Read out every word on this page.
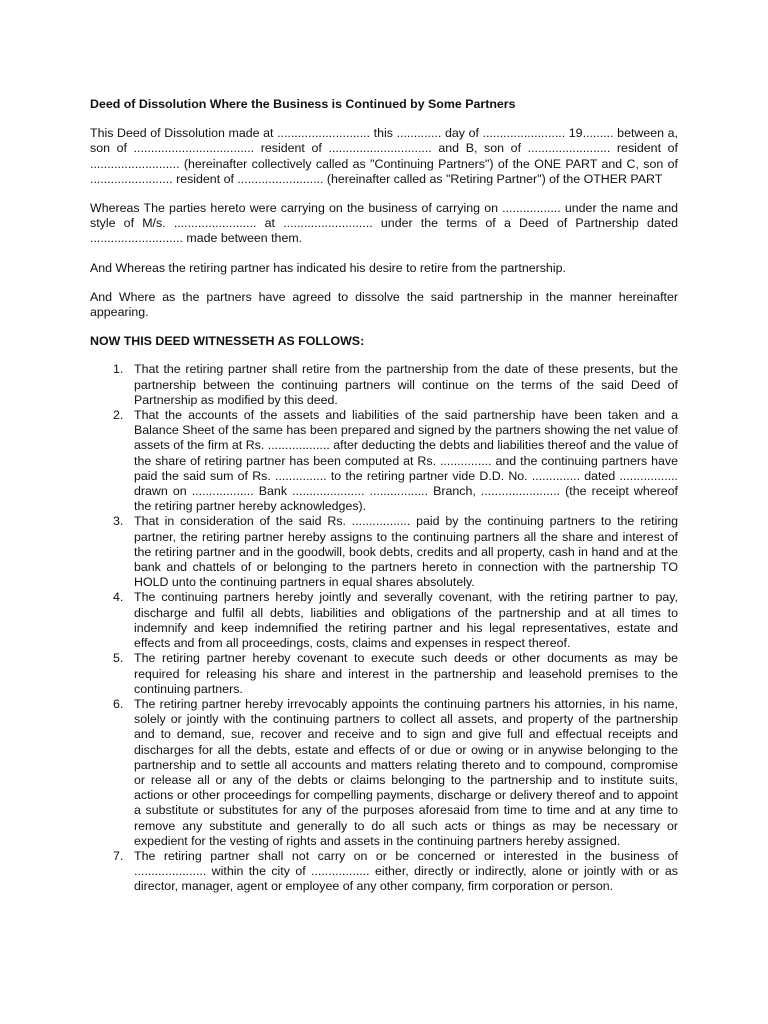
Deed of Dissolution Where the Business is Continued by Some Partners

This Deed of Dissolution made at ........................... this ............. day of ........................ 19......... between a, son of ................................... resident of .............................. and B, son of ........................ resident of .......................... (hereinafter collectively called as "Continuing Partners") of the ONE PART and C, son of ........................ resident of ......................... (hereinafter called as "Retiring Partner") of the OTHER PART

Whereas The parties hereto were carrying on the business of carrying on ................. under the name and style of M/s. ........................ at .......................... under the terms of a Deed of Partnership dated ........................... made between them.

And Whereas the retiring partner has indicated his desire to retire from the partnership.

And Where as the partners have agreed to dissolve the said partnership in the manner hereinafter appearing.

NOW THIS DEED WITNESSETH AS FOLLOWS:
1. That the retiring partner shall retire from the partnership from the date of these presents, but the partnership between the continuing partners will continue on the terms of the said Deed of Partnership as modified by this deed.
2. That the accounts of the assets and liabilities of the said partnership have been taken and a Balance Sheet of the same has been prepared and signed by the partners showing the net value of assets of the firm at Rs. .................. after deducting the debts and liabilities thereof and the value of the share of retiring partner has been computed at Rs. ............... and the continuing partners have paid the said sum of Rs. ............... to the retiring partner vide D.D. No. .............. dated ................. drawn on .................. Bank ..................... ................. Branch, ....................... (the receipt whereof the retiring partner hereby acknowledges).
3. That in consideration of the said Rs. ................. paid by the continuing partners to the retiring partner, the retiring partner hereby assigns to the continuing partners all the share and interest of the retiring partner and in the goodwill, book debts, credits and all property, cash in hand and at the bank and chattels of or belonging to the partners hereto in connection with the partnership TO HOLD unto the continuing partners in equal shares absolutely.
4. The continuing partners hereby jointly and severally covenant, with the retiring partner to pay, discharge and fulfil all debts, liabilities and obligations of the partnership and at all times to indemnify and keep indemnified the retiring partner and his legal representatives, estate and effects and from all proceedings, costs, claims and expenses in respect thereof.
5. The retiring partner hereby covenant to execute such deeds or other documents as may be required for releasing his share and interest in the partnership and leasehold premises to the continuing partners.
6. The retiring partner hereby irrevocably appoints the continuing partners his attornies, in his name, solely or jointly with the continuing partners to collect all assets, and property of the partnership and to demand, sue, recover and receive and to sign and give full and effectual receipts and discharges for all the debts, estate and effects of or due or owing or in anywise belonging to the partnership and to settle all accounts and matters relating thereto and to compound, compromise or release all or any of the debts or claims belonging to the partnership and to institute suits, actions or other proceedings for compelling payments, discharge or delivery thereof and to appoint a substitute or substitutes for any of the purposes aforesaid from time to time and at any time to remove any substitute and generally to do all such acts or things as may be necessary or expedient for the vesting of rights and assets in the continuing partners hereby assigned.
7. The retiring partner shall not carry on or be concerned or interested in the business of ..................... within the city of ................. either, directly or indirectly, alone or jointly with or as director, manager, agent or employee of any other company, firm corporation or person.
